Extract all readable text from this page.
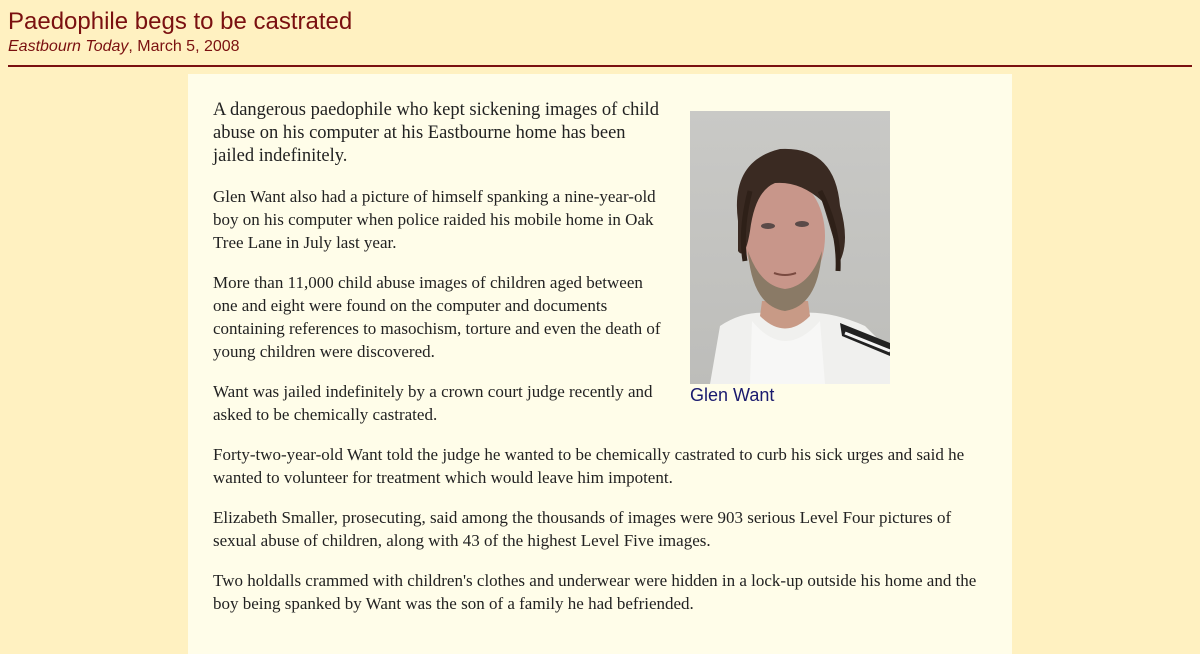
Paedophile begs to be castrated
Eastbourn Today, March 5, 2008
Glen Want

A dangerous paedophile who kept sickening images of child abuse on his computer at his Eastbourne home has been jailed indefinitely.

Glen Want also had a picture of himself spanking a nine-year-old boy on his computer when police raided his mobile home in Oak Tree Lane in July last year.

More than 11,000 child abuse images of children aged between one and eight were found on the computer and documents containing references to masochism, torture and even the death of young children were discovered.

Want was jailed indefinitely by a crown court judge recently and asked to be chemically castrated.

Forty-two-year-old Want told the judge he wanted to be chemically castrated to curb his sick urges and said he wanted to volunteer for treatment which would leave him impotent.

Elizabeth Smaller, prosecuting, said among the thousands of images were 903 serious Level Four pictures of sexual abuse of children, along with 43 of the highest Level Five images.

Two holdalls crammed with children's clothes and underwear were hidden in a lock-up outside his home and the boy being spanked by Want was the son of a family he had befriended.
